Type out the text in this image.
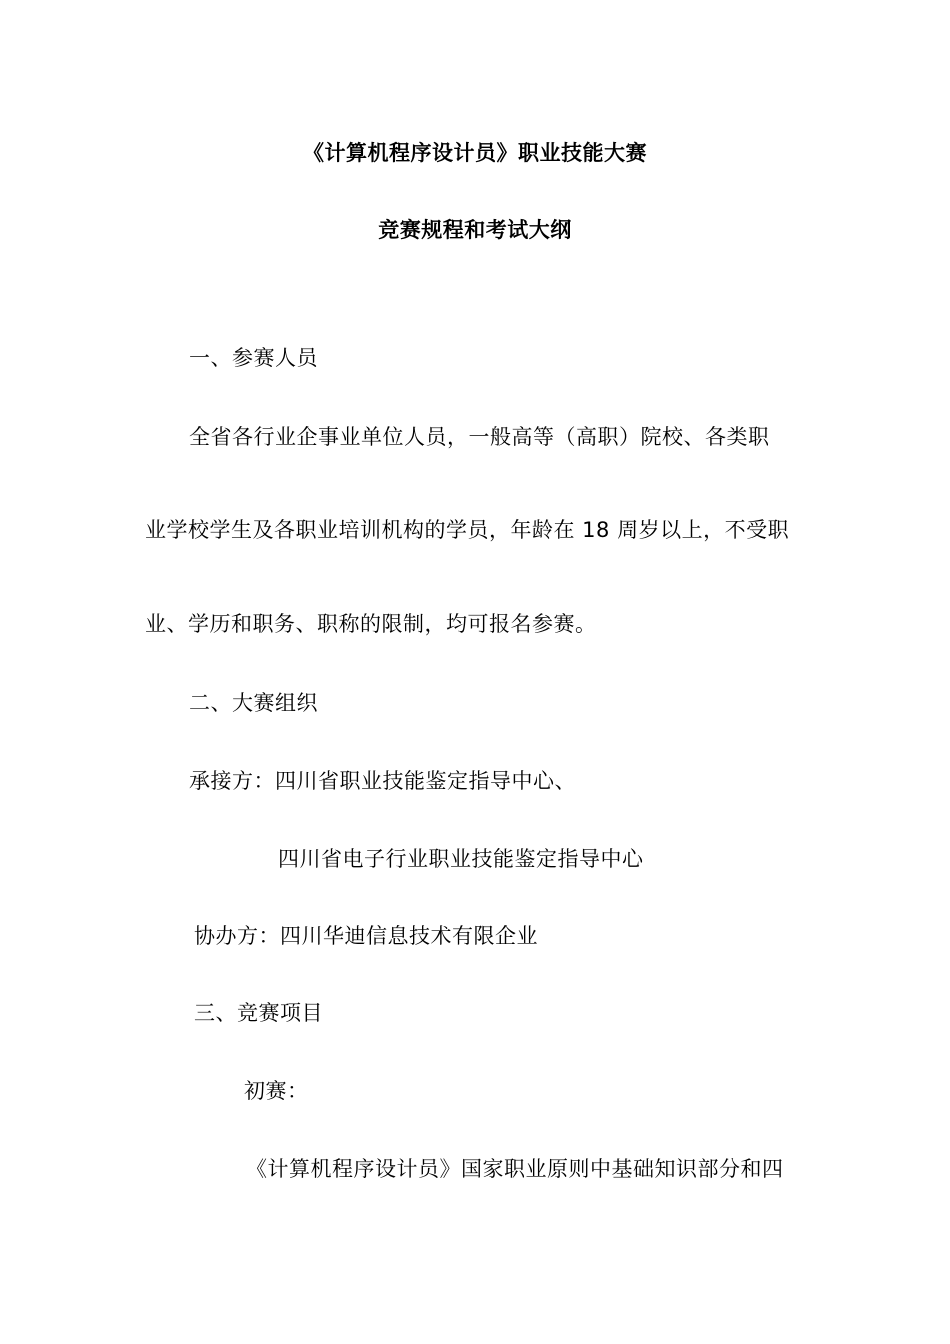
《计算机程序设计员》职业技能大赛
竞赛规程和考试大纲
一、参赛人员
全省各行业企事业单位人员，一般高等（高职）院校、各类职
业学校学生及各职业培训机构的学员，年龄在 18 周岁以上，不受职
业、学历和职务、职称的限制，均可报名参赛。
二、大赛组织
承接方：四川省职业技能鉴定指导中心、
四川省电子行业职业技能鉴定指导中心
协办方：四川华迪信息技术有限企业
三、竞赛项目
初赛：
《计算机程序设计员》国家职业原则中基础知识部分和四
